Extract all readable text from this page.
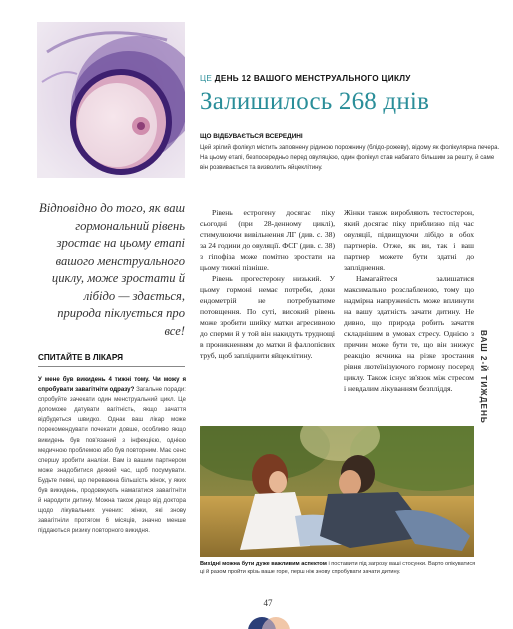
ЦЕ ДЕНЬ 12 ВАШОГО МЕНСТРУАЛЬНОГО ЦИКЛУ
Залишилось 268 днів
ЩО ВІДБУВАЄТЬСЯ ВСЕРЕДИНІ
Цей зрілий фолікул містить заповнену рідиною порожнину (блідо-рожеву), відому як фолікулярна печера. На цьому етапі, безпосередньо перед овуляцією, один фолікул став набагато більшим за решту, й саме він розвивається та визволить яйцеклітину.
Відповідно до того, як ваш гормональний рівень зростає на цьому етапі вашого менструального циклу, може зростати й лібідо — здається, природа піклується про все!
СПИТАЙТЕ В ЛІКАРЯ
У мене був викидень 4 тижні тому. Чи можу я спробувати завагітніти одразу? Загальне поради: спробуйте зачекати один менструальний цикл. Це допоможе датувати вагітність, якщо зачаття відбудеться швидко. Однак ваш лікар може порекомендувати почекати довше, особливо якщо викидень був пов'язаний з інфекцією, однією медичною проблемою або був повторним. Має сенс спершу зробити аналізи. Вам із вашим партнером може знадобитися деякий час, щоб посумувати. Будьте певні, що переважна більшість жінок, у яких був викидень, продовжують намагатися завагітніти й народити дитину. Можна також дещо від доктора щодо лікувальних учених: жінки, які знову завагітніли протягом 6 місяців, значно менше піддаються ризику повторного викидня.

Рівень естрогену досягає піку сьогодні (при 28-денному циклі), стимулюючи вивільнення ЛГ (див. с. 38) за 24 години до овуляції. ФСГ (див. с. 38) з гіпофіза може помітно зростати на цьому тижні пізніше.

Рівень прогестерону низький. У цьому гормоні немає потреби, доки ендометрій не потребуватиме потовщення. По суті, високий рівень може зробити шийку матки агресивною до сперми й у той він накидуть труднощі в проникненням до матки й фаллопієвих труб, щоб запліднити яйцеклітину.

Жінки також виробляють тестостерон, який досягає піку приблизно під час овуляції, підвищуючи лібідо в обох партнерів. Отже, як ви, так і ваш партнер можете бути здатні до запліднення.

Намагайтеся залишатися максимально розслабленою, тому що надмірна напруженість може вплинути на вашу здатність зачати дитину. Не дивно, що природа робить зачаття складнішим в умовах стресу. Однією з причин може бути те, що він знижує реакцію яєчника на різке зростання рівня лютеїнізуючого гормону посеред циклу. Також існує зв'язок між стресом і невдалим лікуванням безпліддя.	ВАШ 2-Й ТИЖДЕНЬ
Вихідні можна бути дуже важливим аспектом і поставити під загрозу ваші стосунки. Варто опікуватися ці й разом пройти крізь ваше горе, перш ніж знову спробувати зачати дитину.
47
